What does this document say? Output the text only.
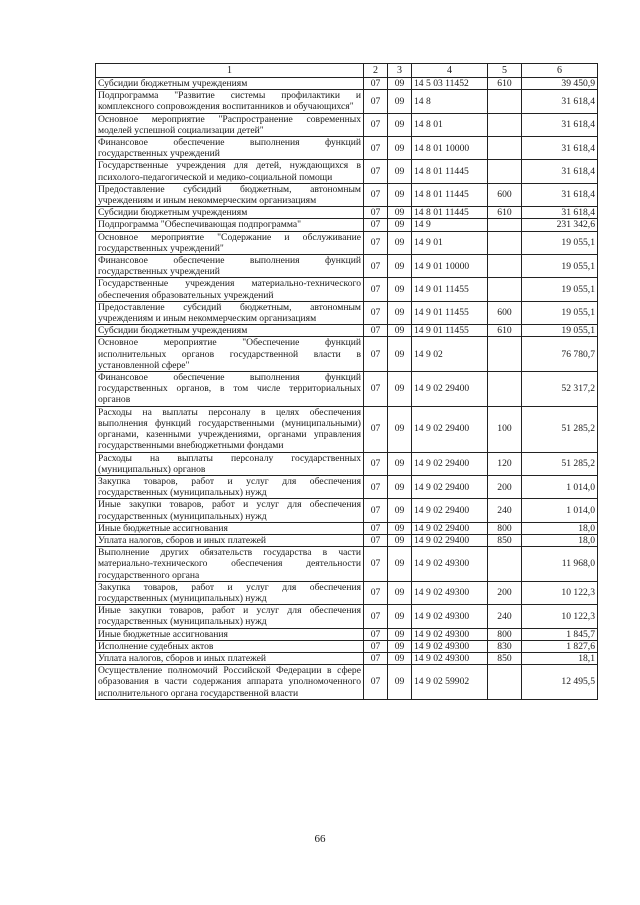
1	2	3	4	5	6
Субсидии бюджетным учреждениям	07	09	14 5 03 11452	610	39 450,9
Подпрограмма "Развитие системы профилактики и комплексного сопровождения воспитанников и обучающихся"	07	09	14 8		31 618,4
Основное мероприятие "Распространение современных моделей успешной социализации детей"	07	09	14 8 01		31 618,4
Финансовое обеспечение выполнения функций государственных учреждений	07	09	14 8 01 10000		31 618,4
Государственные учреждения для детей, нуждающихся в психолого-педагогической и медико-социальной помощи	07	09	14 8 01 11445		31 618,4
Предоставление субсидий бюджетным, автономным учреждениям и иным некоммерческим организациям	07	09	14 8 01 11445	600	31 618,4
Субсидии бюджетным учреждениям	07	09	14 8 01 11445	610	31 618,4
Подпрограмма "Обеспечивающая подпрограмма"	07	09	14 9		231 342,6
Основное мероприятие "Содержание и обслуживание государственных учреждений"	07	09	14 9 01		19 055,1
Финансовое обеспечение выполнения функций государственных учреждений	07	09	14 9 01 10000		19 055,1
Государственные учреждения материально-технического обеспечения образовательных учреждений	07	09	14 9 01 11455		19 055,1
Предоставление субсидий бюджетным, автономным учреждениям и иным некоммерческим организациям	07	09	14 9 01 11455	600	19 055,1
Субсидии бюджетным учреждениям	07	09	14 9 01 11455	610	19 055,1
Основное мероприятие "Обеспечение функций исполнительных органов государственной власти в установленной сфере"	07	09	14 9 02		76 780,7
Финансовое обеспечение выполнения функций государственных органов, в том числе территориальных органов	07	09	14 9 02 29400		52 317,2
Расходы на выплаты персоналу в целях обеспечения выполнения функций государственными (муниципальными) органами, казенными учреждениями, органами управления государственными внебюджетными фондами	07	09	14 9 02 29400	100	51 285,2
Расходы на выплаты персоналу государственных (муниципальных) органов	07	09	14 9 02 29400	120	51 285,2
Закупка товаров, работ и услуг для обеспечения государственных (муниципальных) нужд	07	09	14 9 02 29400	200	1 014,0
Иные закупки товаров, работ и услуг для обеспечения государственных (муниципальных) нужд	07	09	14 9 02 29400	240	1 014,0
Иные бюджетные ассигнования	07	09	14 9 02 29400	800	18,0
Уплата налогов, сборов и иных платежей	07	09	14 9 02 29400	850	18,0
Выполнение других обязательств государства в части материально-технического обеспечения деятельности государственного органа	07	09	14 9 02 49300		11 968,0
Закупка товаров, работ и услуг для обеспечения государственных (муниципальных) нужд	07	09	14 9 02 49300	200	10 122,3
Иные закупки товаров, работ и услуг для обеспечения государственных (муниципальных) нужд	07	09	14 9 02 49300	240	10 122,3
Иные бюджетные ассигнования	07	09	14 9 02 49300	800	1 845,7
Исполнение судебных актов	07	09	14 9 02 49300	830	1 827,6
Уплата налогов, сборов и иных платежей	07	09	14 9 02 49300	850	18,1
Осуществление полномочий Российской Федерации в сфере образования в части содержания аппарата уполномоченного исполнительного органа государственной власти	07	09	14 9 02 59902		12 495,5
66
